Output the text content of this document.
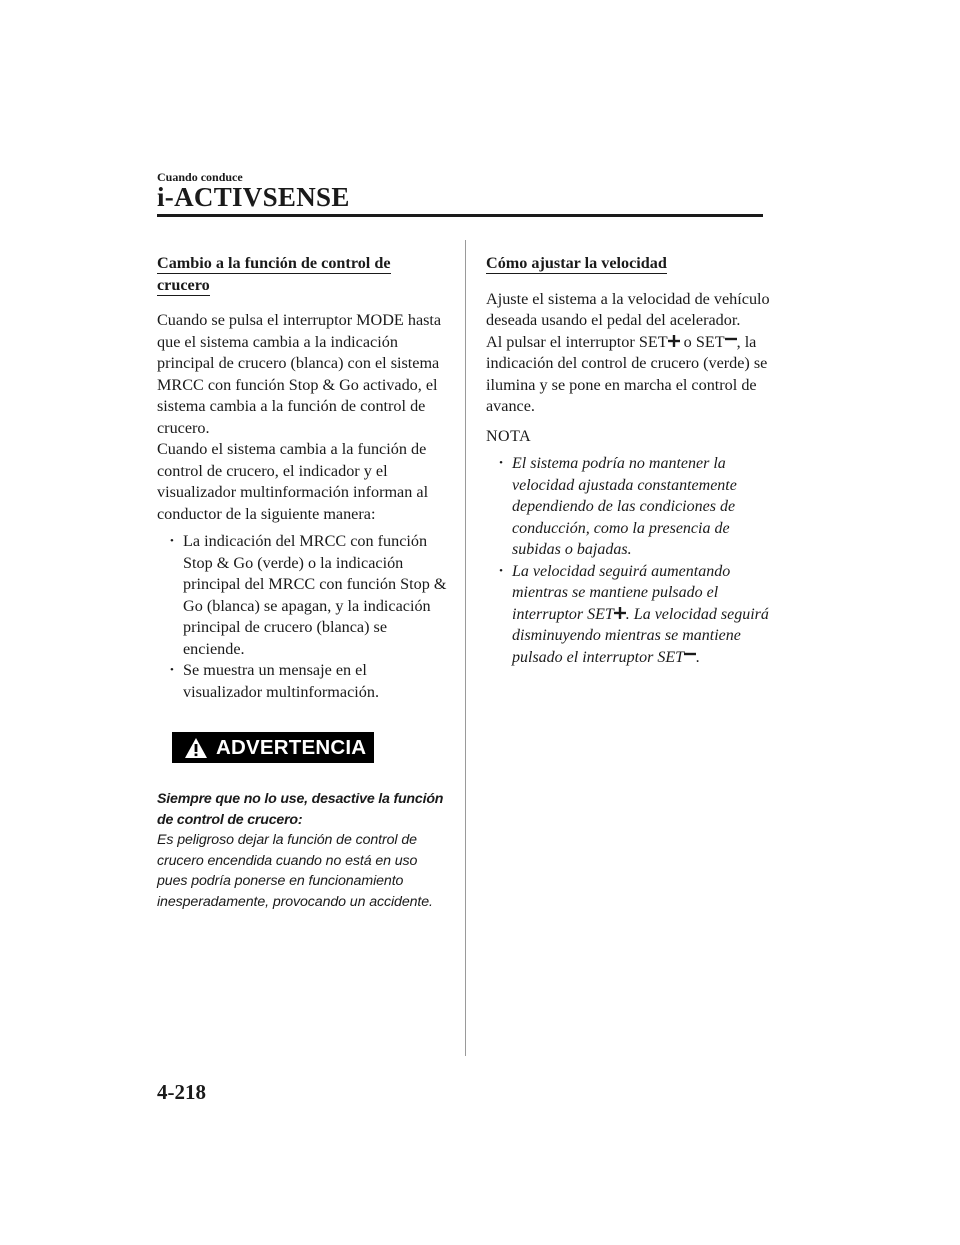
Cuando conduce
i-ACTIVSENSE
Cambio a la función de control de
crucero

Cuando se pulsa el interruptor MODE hasta que el sistema cambia a la indicación principal de crucero (blanca) con el sistema MRCC con función Stop & Go activado, el sistema cambia a la función de control de crucero.

Cuando el sistema cambia a la función de control de crucero, el indicador y el visualizador multinformación informan al conductor de la siguiente manera:

• La indicación del MRCC con función Stop & Go (verde) o la indicación principal del MRCC con función Stop & Go (blanca) se apagan, y la indicación principal de crucero (blanca) se enciende.
• Se muestra un mensaje en el visualizador multinformación.
ADVERTENCIA
Siempre que no lo use, desactive la función de control de crucero:
Es peligroso dejar la función de control de crucero encendida cuando no está en uso pues podría ponerse en funcionamiento inesperadamente, provocando un accidente.
Cómo ajustar la velocidad

Ajuste el sistema a la velocidad de vehículo deseada usando el pedal del acelerador.

Al pulsar el interruptor SET o SET , la indicación del control de crucero (verde) se ilumina y se pone en marcha el control de avance.

NOTA
• El sistema podría no mantener la velocidad ajustada constantemente dependiendo de las condiciones de conducción, como la presencia de subidas o bajadas.
• La velocidad seguirá aumentando mientras se mantiene pulsado el interruptor SET . La velocidad seguirá disminuyendo mientras se mantiene pulsado el interruptor SET .
4-218
